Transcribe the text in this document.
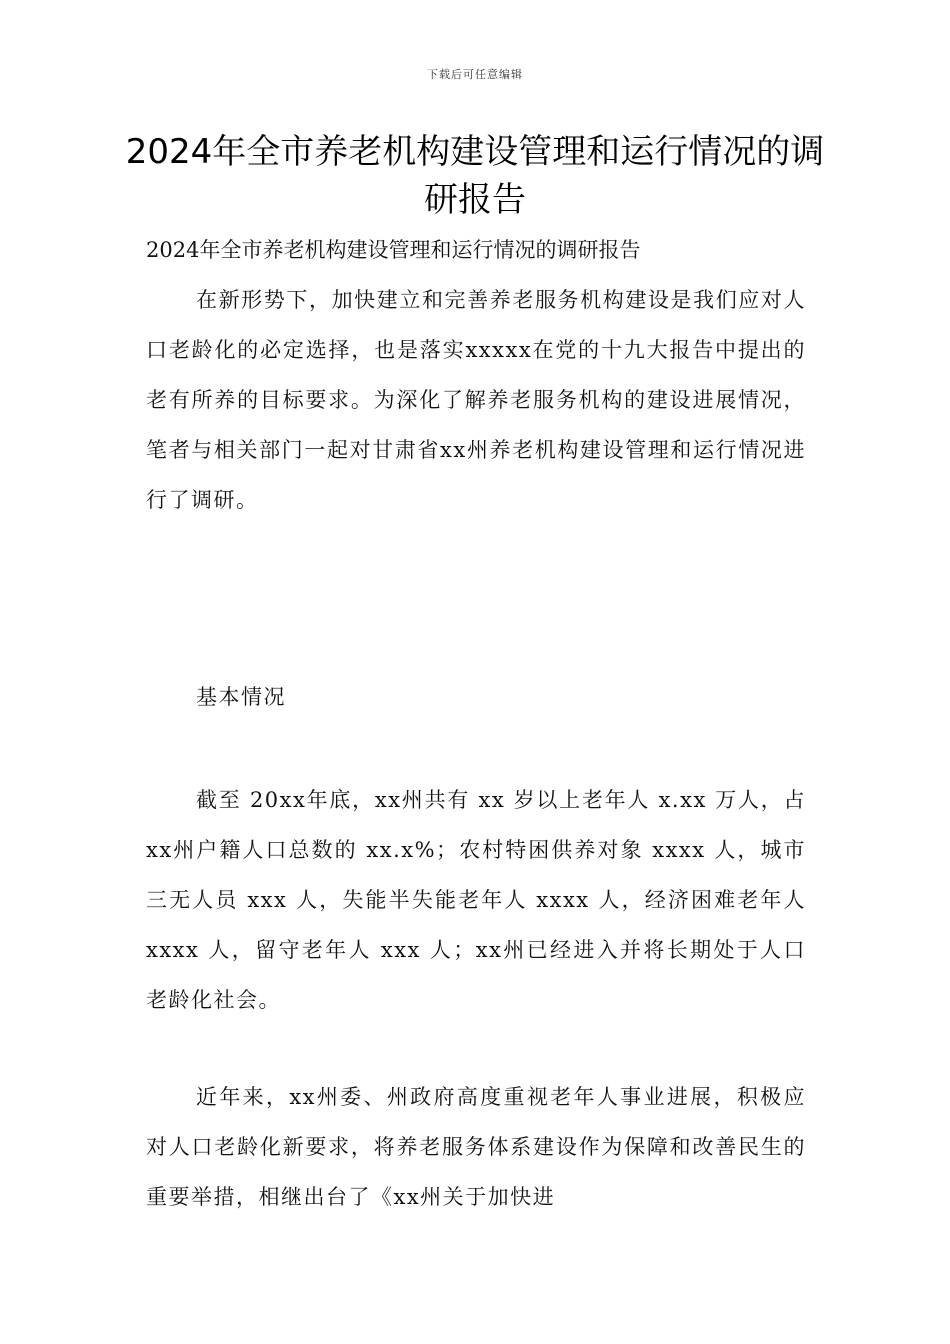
下载后可任意编辑
2024年全市养老机构建设管理和运行情况的调研报告

2024年全市养老机构建设管理和运行情况的调研报告

在新形势下，加快建立和完善养老服务机构建设是我们应对人口老龄化的必定选择，也是落实xxxxx在党的十九大报告中提出的老有所养的目标要求。为深化了解养老服务机构的建设进展情况，笔者与相关部门一起对甘肃省xx州养老机构建设管理和运行情况进行了调研。

基本情况

截至 20xx年底，xx州共有 xx 岁以上老年人 x.xx 万人，占xx州户籍人口总数的 xx.x%；农村特困供养对象 xxxx 人，城市三无人员 xxx 人，失能半失能老年人 xxxx 人，经济困难老年人xxxx 人，留守老年人 xxx 人；xx州已经进入并将长期处于人口老龄化社会。

近年来，xx州委、州政府高度重视老年人事业进展，积极应对人口老龄化新要求，将养老服务体系建设作为保障和改善民生的重要举措，相继出台了《xx州关于加快进
